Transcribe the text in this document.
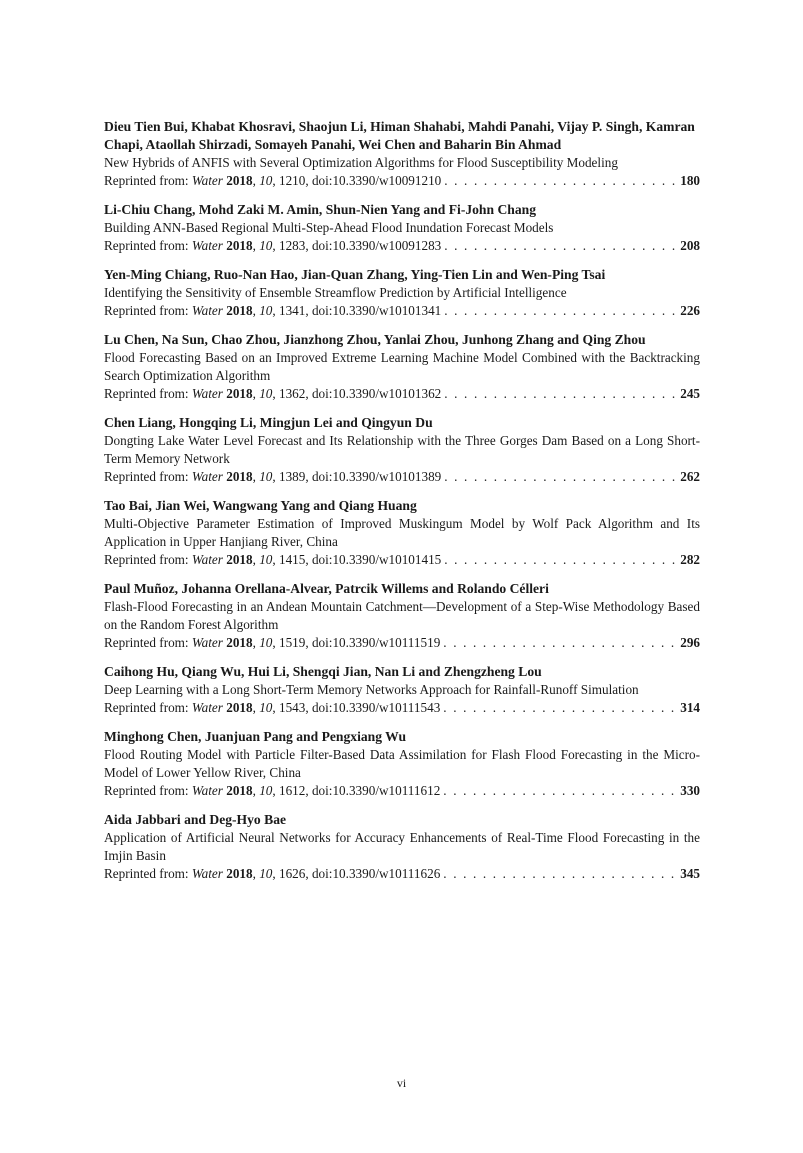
Dieu Tien Bui, Khabat Khosravi, Shaojun Li, Himan Shahabi, Mahdi Panahi, Vijay P. Singh, Kamran Chapi, Ataollah Shirzadi, Somayeh Panahi, Wei Chen and Baharin Bin Ahmad
New Hybrids of ANFIS with Several Optimization Algorithms for Flood Susceptibility Modeling
Reprinted from: Water 2018, 10, 1210, doi:10.3390/w10091210 . . .	180
Li-Chiu Chang, Mohd Zaki M. Amin, Shun-Nien Yang and Fi-John Chang
Building ANN-Based Regional Multi-Step-Ahead Flood Inundation Forecast Models
Reprinted from: Water 2018, 10, 1283, doi:10.3390/w10091283 . . .	208
Yen-Ming Chiang, Ruo-Nan Hao, Jian-Quan Zhang, Ying-Tien Lin and Wen-Ping Tsai
Identifying the Sensitivity of Ensemble Streamflow Prediction by Artificial Intelligence
Reprinted from: Water 2018, 10, 1341, doi:10.3390/w10101341 . . .	226
Lu Chen, Na Sun, Chao Zhou, Jianzhong Zhou, Yanlai Zhou, Junhong Zhang and Qing Zhou
Flood Forecasting Based on an Improved Extreme Learning Machine Model Combined with the Backtracking Search Optimization Algorithm
Reprinted from: Water 2018, 10, 1362, doi:10.3390/w10101362 . . .	245
Chen Liang, Hongqing Li, Mingjun Lei and Qingyun Du
Dongting Lake Water Level Forecast and Its Relationship with the Three Gorges Dam Based on a Long Short-Term Memory Network
Reprinted from: Water 2018, 10, 1389, doi:10.3390/w10101389 . . .	262
Tao Bai, Jian Wei, Wangwang Yang and Qiang Huang
Multi-Objective Parameter Estimation of Improved Muskingum Model by Wolf Pack Algorithm and Its Application in Upper Hanjiang River, China
Reprinted from: Water 2018, 10, 1415, doi:10.3390/w10101415 . . .	282
Paul Muñoz, Johanna Orellana-Alvear, Patrcik Willems and Rolando Célleri
Flash-Flood Forecasting in an Andean Mountain Catchment—Development of a Step-Wise Methodology Based on the Random Forest Algorithm
Reprinted from: Water 2018, 10, 1519, doi:10.3390/w10111519 . . .	296
Caihong Hu, Qiang Wu, Hui Li, Shengqi Jian, Nan Li and Zhengzheng Lou
Deep Learning with a Long Short-Term Memory Networks Approach for Rainfall-Runoff Simulation
Reprinted from: Water 2018, 10, 1543, doi:10.3390/w10111543 . . .	314
Minghong Chen, Juanjuan Pang and Pengxiang Wu
Flood Routing Model with Particle Filter-Based Data Assimilation for Flash Flood Forecasting in the Micro-Model of Lower Yellow River, China
Reprinted from: Water 2018, 10, 1612, doi:10.3390/w10111612 . . .	330
Aida Jabbari and Deg-Hyo Bae
Application of Artificial Neural Networks for Accuracy Enhancements of Real-Time Flood Forecasting in the Imjin Basin
Reprinted from: Water 2018, 10, 1626, doi:10.3390/w10111626 . . .	345
vi
